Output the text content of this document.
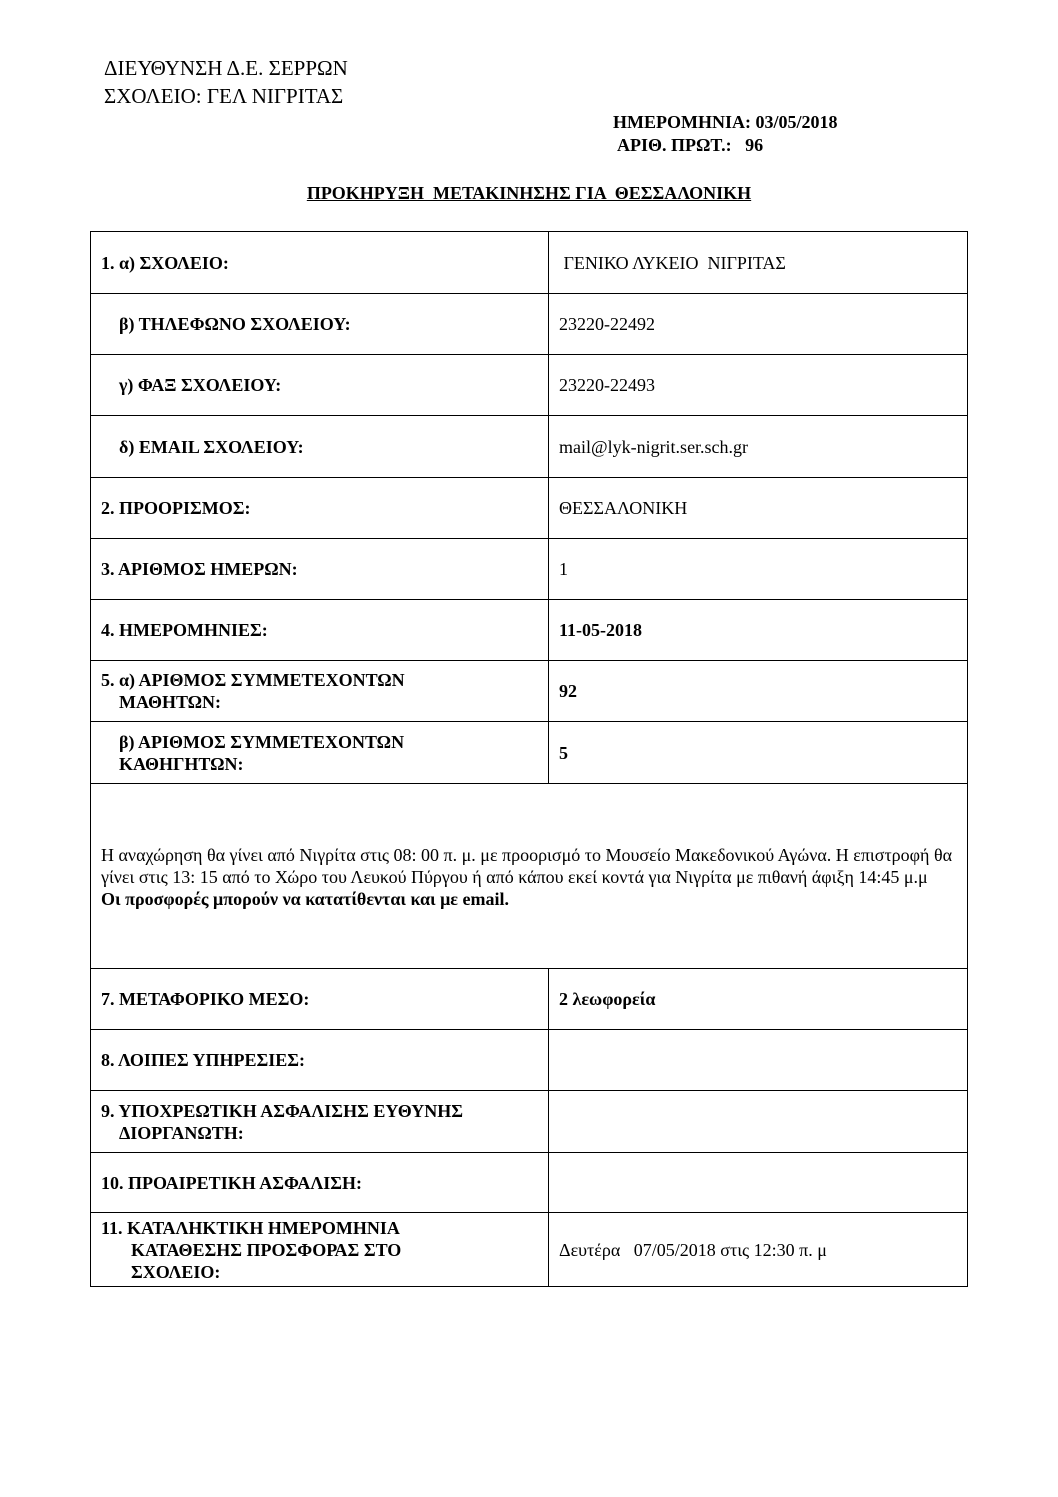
ΔΙΕΥΘΥΝΣΗ Δ.Ε. ΣΕΡΡΩΝ
ΣΧΟΛΕΙΟ: ΓΕΛ ΝΙΓΡΙΤΑΣ
ΗΜΕΡΟΜΗΝΙΑ: 03/05/2018
ΑΡΙΘ. ΠΡΩΤ.:   96
ΠΡΟΚΗΡΥΞΗ  ΜΕΤΑΚΙΝΗΣΗΣ ΓΙΑ  ΘΕΣΣΑΛΟΝΙΚΗ
1. α) ΣΧΟΛΕΙΟ:	ΓΕΝΙΚΟ ΛΥΚΕΙΟ  ΝΙΓΡΙΤΑΣ
β) ΤΗΛΕΦΩΝΟ ΣΧΟΛΕΙΟΥ:	23220-22492
γ) ΦΑΞ ΣΧΟΛΕΙΟΥ:	23220-22493
δ) EMAIL ΣΧΟΛΕΙΟΥ:	mail@lyk-nigrit.ser.sch.gr
2. ΠΡΟΟΡΙΣΜΟΣ:	ΘΕΣΣΑΛΟΝΙΚΗ
3. ΑΡΙΘΜΟΣ ΗΜΕΡΩΝ:	1
4. ΗΜΕΡΟΜΗΝΙΕΣ:	11-05-2018
5. α) ΑΡΙΘΜΟΣ ΣΥΜΜΕΤΕΧΟΝΤΩΝ
ΜΑΘΗΤΩΝ:	92
β) ΑΡΙΘΜΟΣ ΣΥΜΜΕΤΕΧΟΝΤΩΝ
ΚΑΘΗΓΗΤΩΝ:	5
Η αναχώρηση θα γίνει από Νιγρίτα στις 08: 00 π. μ. με προορισμό το Μουσείο Μακεδονικού Αγώνα. Η επιστροφή θα γίνει στις 13: 15 από το Χώρο του Λευκού Πύργου ή από κάπου εκεί κοντά για Νιγρίτα με πιθανή άφιξη 14:45 μ.μ
Οι προσφορές μπορούν να κατατίθενται και με email.	

7. ΜΕΤΑΦΟΡΙΚΟ ΜΕΣΟ:	2 λεωφορεία
8. ΛΟΙΠΕΣ ΥΠΗΡΕΣΙΕΣ:	
9. ΥΠΟΧΡΕΩΤΙΚΗ ΑΣΦΑΛΙΣΗΣ ΕΥΘΥΝΗΣ
ΔΙΟΡΓΑΝΩΤΗ:	

10. ΠΡΟΑΙΡΕΤΙΚΗ ΑΣΦΑΛΙΣΗ:	
11. ΚΑΤΑΛΗΚΤΙΚΗ ΗΜΕΡΟΜΗΝΙΑ
ΚΑΤΑΘΕΣΗΣ ΠΡΟΣΦΟΡΑΣ ΣΤΟ
ΣΧΟΛΕΙΟ:	Δευτέρα   07/05/2018 στις 12:30 π. μ
